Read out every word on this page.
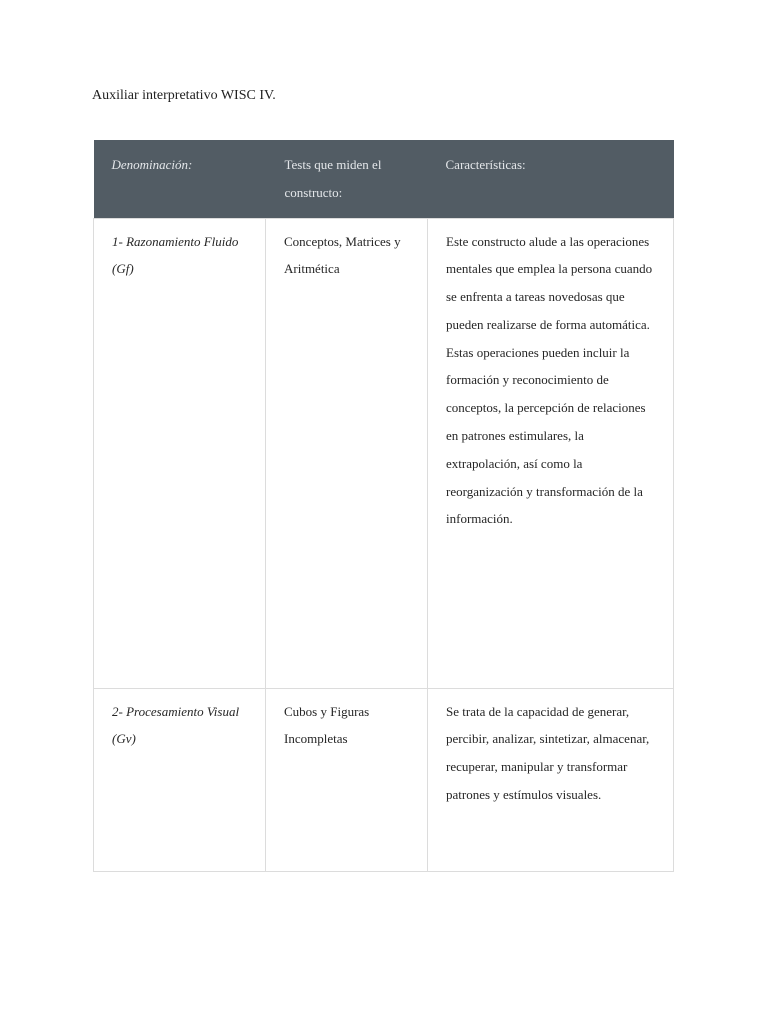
Auxiliar interpretativo WISC IV.
Denominación:	Tests que miden el constructo:	Características:
1- Razonamiento Fluido (Gf)	Conceptos, Matrices y Aritmética	Este constructo alude a las operaciones mentales que emplea la persona cuando se enfrenta a tareas novedosas que pueden realizarse de forma automática. Estas operaciones pueden incluir la formación y reconocimiento de conceptos, la percepción de relaciones en patrones estimulares, la extrapolación, así como la reorganización y transformación de la información.
2- Procesamiento Visual (Gv)	Cubos y Figuras Incompletas	Se trata de la capacidad de generar, percibir, analizar, sintetizar, almacenar, recuperar, manipular y transformar patrones y estímulos visuales.
